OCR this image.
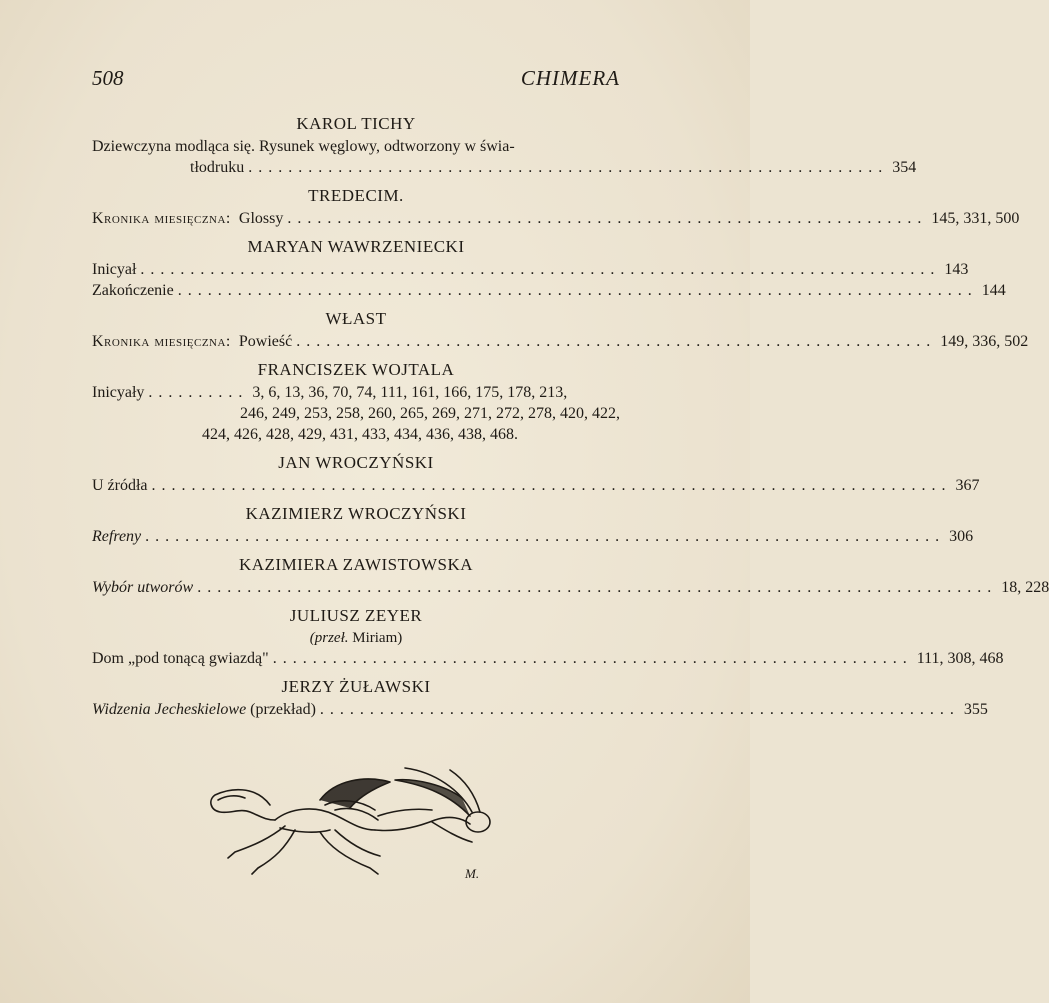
508	CHIMERA
KAROL TICHY
Dziewczyna modląca się. Rysunek węglowy, odtworzony w świa-
tłodruku ................................................................ 354
TREDECIM.
Kronika miesięczna: Glossy ................................................................ 145, 331, 500
MARYAN WAWRZENIECKI
Inicyał ................................................................................ 143
Zakończenie ................................................................................ 144
WŁAST
Kronika miesięczna: Powieść ................................................................ 149, 336, 502
FRANCISZEK WOJTALA
Inicyały .......... 3, 6, 13, 36, 70, 74, 111, 161, 166, 175, 178, 213,
246, 249, 253, 258, 260, 265, 269, 271, 272, 278, 420, 422,
424, 426, 428, 429, 431, 433, 434, 436, 438, 468.
JAN WROCZYŃSKI
U źródła ................................................................................ 367
KAZIMIERZ WROCZYŃSKI
Refreny ................................................................................ 306
KAZIMIERA ZAWISTOWSKA
Wybór utworów ................................................................................ 18, 228
JULIUSZ ZEYER
(przeł. Miriam)
Dom „pod tonącą gwiazdą" ................................................................ 111, 308, 468
JERZY ŻUŁAWSKI
Widzenia Jecheskielowe (przekład) ................................................................ 355
M.
